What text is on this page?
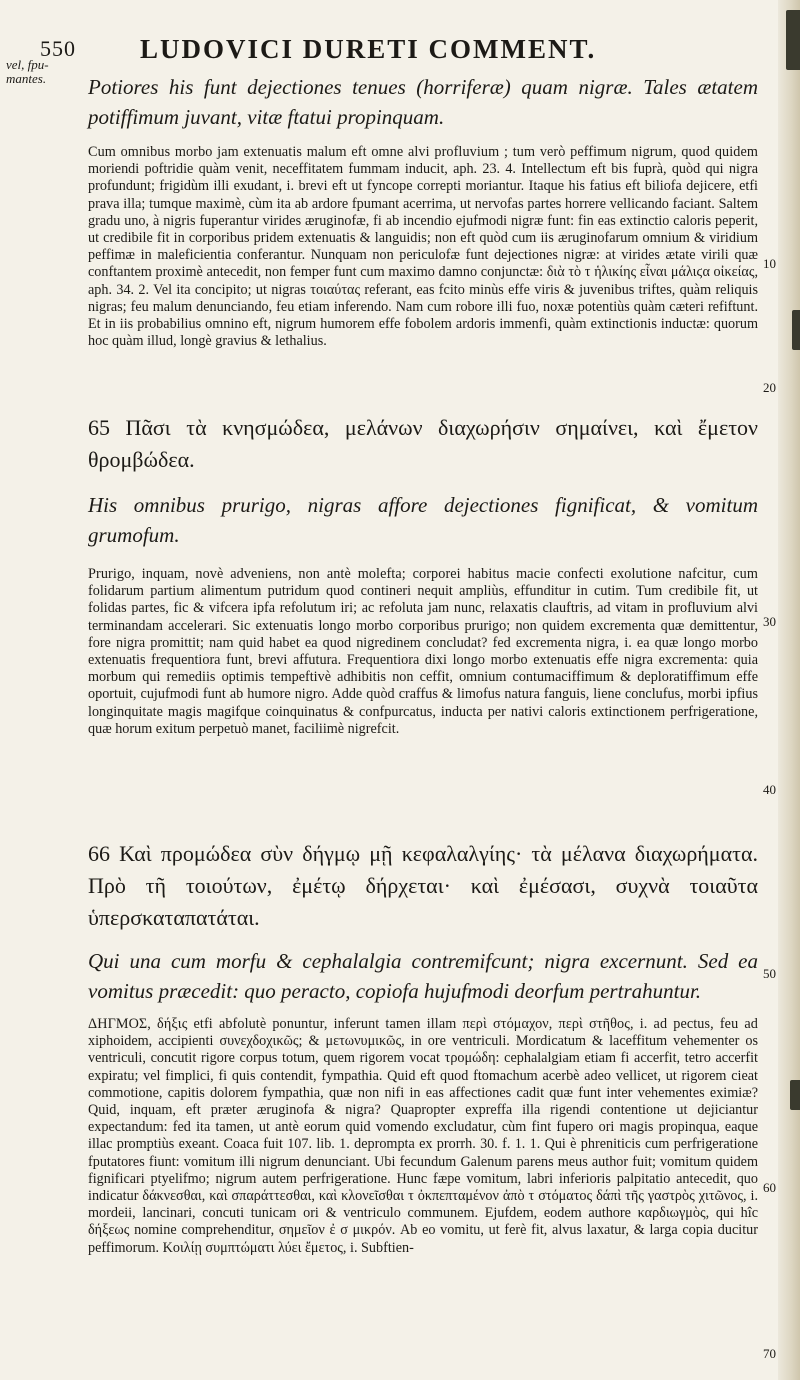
550 LUDOVICI DURETI COMMENT.
vel, fpu-
mantes. Potiores his funt dejectiones tenues (horriferæ) quam nigræ. Tales ætatem potiffimum juvant, vitæ ftatui propinquam.
Cum omnibus morbo jam extenuatis malum eft omne alvi profluvium ; tum verò peffimum nigrum, quod quidem moriendi poftridie quàm venit, neceffitatem fummam inducit, aph. 23. 4. Intellectum eft bis fuprà, quòd qui nigra profundunt; frigidùm illi exudant, i. brevi eft ut fyncope correpti moriantur. Itaque his fatius eft biliofa dejicere, etfi prava illa; tumque maximè, cùm ita ab ardore fpumant acerrima, ut nervofas partes horrere vellicando faciant. Saltem gradu uno, à nigris fuperantur virides æruginofæ, fi ab incendio ejufmodi nigræ funt: fin eas extinctio caloris peperit, ut credibile fit in corporibus pridem extenuatis & languidis; non eft quòd cum iis æruginofarum omnium & viridium peffimæ in maleficientia conferantur. Nunquam non periculofæ funt dejectiones nigræ: at virides ætate virili quæ conftantem proximè antecedit, non femper funt cum maximo damno conjunctæ: διὰ τὸ τ ἡλικίης εἶναι μάλιϛα οἰκείας, aph. 34. 2. Vel ita concipito; ut nigras τοιαύτας referant, eas fcito minùs effe viris & juvenibus triftes, quàm reliquis nigras; feu malum denunciando, feu etiam inferendo. Nam cum robore illi fuo, noxæ potentiùs quàm cæteri refiftunt. Et in iis probabilius omnino eft, nigrum humorem effe fobolem ardoris immenfi, quàm extinctionis inductæ: quorum hoc quàm illud, longè gravius & lethalius.
65 Πᾶσι τὰ κνησμώδεα, μελάνων διαχωρήσιν σημαίνει, καὶ ἔμετον θρομβώδεα.
His omnibus prurigo, nigras affore dejectiones fignificat, & vomitum grumofum.
Prurigo, inquam, novè adveniens, non antè molefta; corporei habitus macie confecti exolutione nafcitur, cum folidarum partium alimentum putridum quod contineri nequit ampliùs, effunditur in cutim. Tum credibile fit, ut folidas partes, fic & vifcera ipfa refolutum iri; ac refoluta jam nunc, relaxatis clauftris, ad vitam in profluvium alvi terminandam accelerari. Sic extenuatis longo morbo corporibus prurigo; non quidem excrementa quæ demittentur, fore nigra promittit; nam quid habet ea quod nigredinem concludat? fed excrementa nigra, i. ea quæ longo morbo extenuatis frequentiora funt, brevi affutura. Frequentiora dixi longo morbo extenuatis effe nigra excrementa: quia morbum qui remediis optimis tempeftivè adhibitis non ceffit, omnium contumaciffimum & deploratiffimum effe oportuit, cujufmodi funt ab humore nigro. Adde quòd craffus & limofus natura fanguis, liene conclufus, morbi ipfius longinquitate magis magifque coinquinatus & confpurcatus, inducta per nativi caloris extinctionem perfrigeratione, quæ horum exitum perpetuò manet, faciliimè nigrefcit.
66 Καὶ προμώδεα σὺν δήγμῳ μῇ κεφαλαλγίης· τὰ μέλανα διαχωρήματα. Πρὸ τῆ τοιούτων, ἐμέτῳ δήρχεται· καὶ ἐμέσασι, συχνὰ τοιαῦτα ὑπερσκαταπατάται.
Qui una cum morfu & cephalalgia contremifcunt; nigra excernunt. Sed ea vomitus præcedit: quo peracto, copiofa hujufmodi deorfum pertrahuntur.
ΔΗΓΜΟΣ, δήξις etfi abfolutè ponuntur, inferunt tamen illam περὶ στόμαχον, περὶ στῆθος, i. ad pectus, feu ad xiphoidem, accipienti συνεχδοχικῶς; & μετωνυμικῶς, in ore ventriculi. Mordicatum & laceffitum vehementer os ventriculi, concutit rigore corpus totum, quem rigorem vocat τρομώδη: cephalalgiam etiam fi accerfit, tetro accerfit expiratu; vel fimplici, fi quis contendit, fympathia. Quid eft quod ftomachum acerbè adeo vellicet, ut rigorem cieat commotione, capitis dolorem fympathia, quæ non nifi in eas affectiones cadit quæ funt inter vehementes eximiæ? Quid, inquam, eft præter æruginofa & nigra? Quapropter expreffa illa rigendi contentione ut dejiciantur expectandum: fed ita tamen, ut antè eorum quid vomendo excludatur, cùm fint fupero ori magis propinqua, eaque illac promptiùs exeant. Coaca fuit 107. lib. 1. deprompta ex prorrh. 30. f. 1. 1. Qui è phreniticis cum perfrigeratione fputatores fiunt: vomitum illi nigrum denunciant. Ubi fecundum Galenum parens meus author fuit; vomitum quidem fignificari ptyelifmo; nigrum autem perfrigeratione. Hunc fæpe vomitum, labri inferioris palpitatio antecedit, quo indicatur δάκνεσθαι, καὶ σπαράττεσθαι, καὶ κλονεῖσθαι τ ὀκπεπταμένον ἀπὸ τ στόματος δάπὶ τῆς γαστρὸς χιτῶνος, i. mordeii, lancinari, concuti tunicam ori & ventriculo communem. Ejufdem, eodem authore καρδιωγμὸς, qui hîc δήξεως nomine comprehenditur, σημεῖον ἐ σ μικρόν. Ab eo vomitu, ut ferè fit, alvus laxatur, & larga copia ducitur peffimorum. Κοιλίῃ συμπτώματι λύει ἔμετος, i. Subftien-
10
20
30
40
50
60
70
